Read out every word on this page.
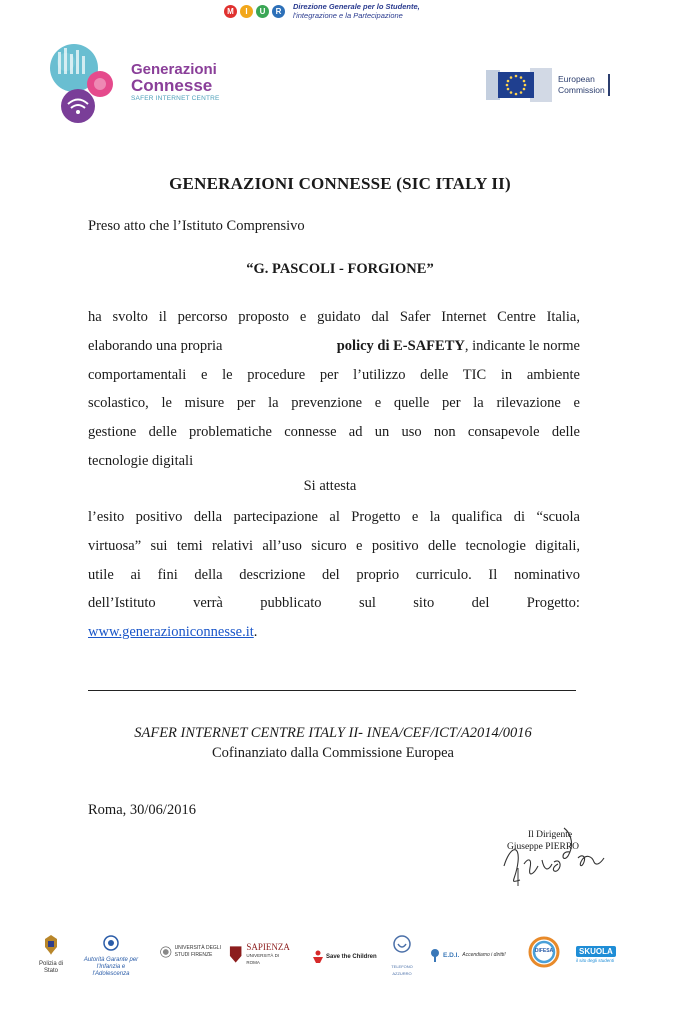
M	I	U	R	Direzione Generale per lo Studente,
l'integrazione e la Partecipazione
Generazioni
Connesse
SAFER INTERNET CENTRE
European
Commission
GENERAZIONI CONNESSE (SIC ITALY II)
Preso atto che l’Istituto Comprensivo
“G. PASCOLI - FORGIONE”
ha svolto il percorso proposto e guidato dal Safer Internet Centre Italia,
elaborando una propria	policy di E-SAFETY, indicante le norme
comportamentali e le procedure per l’utilizzo delle TIC in ambiente
scolastico, le misure per la prevenzione e quelle per la rilevazione e
gestione delle problematiche connesse ad un uso non consapevole delle
tecnologie digitali
Si attesta
l’esito positivo della partecipazione al Progetto e la qualifica di “scuola
virtuosa” sui temi relativi all’uso sicuro e positivo delle tecnologie digitali,
utile ai fini della descrizione del proprio curriculo. Il nominativo
dell’Istituto	verrà	pubblicato	sul	sito	del	Progetto:
www.generazioniconnesse.it.
SAFER INTERNET CENTRE ITALY II- INEA/CEF/ICT/A2014/0016
Cofinanziato dalla Commissione Europea
Roma, 30/06/2016
Il Dirigente
Giuseppe PIERRO
Polizia di Stato
Autorità Garante per l'Infanzia e l'Adolescenza
UNIVERSITÀ DEGLI STUDI FIRENZE
SAPIENZA
UNIVERSITÀ DI ROMA
Save the Children
TELEFONO AZZURRO
E.D.I. Accendiamo i diritti!
DIFESA	SKUOLA
il sito degli studenti
